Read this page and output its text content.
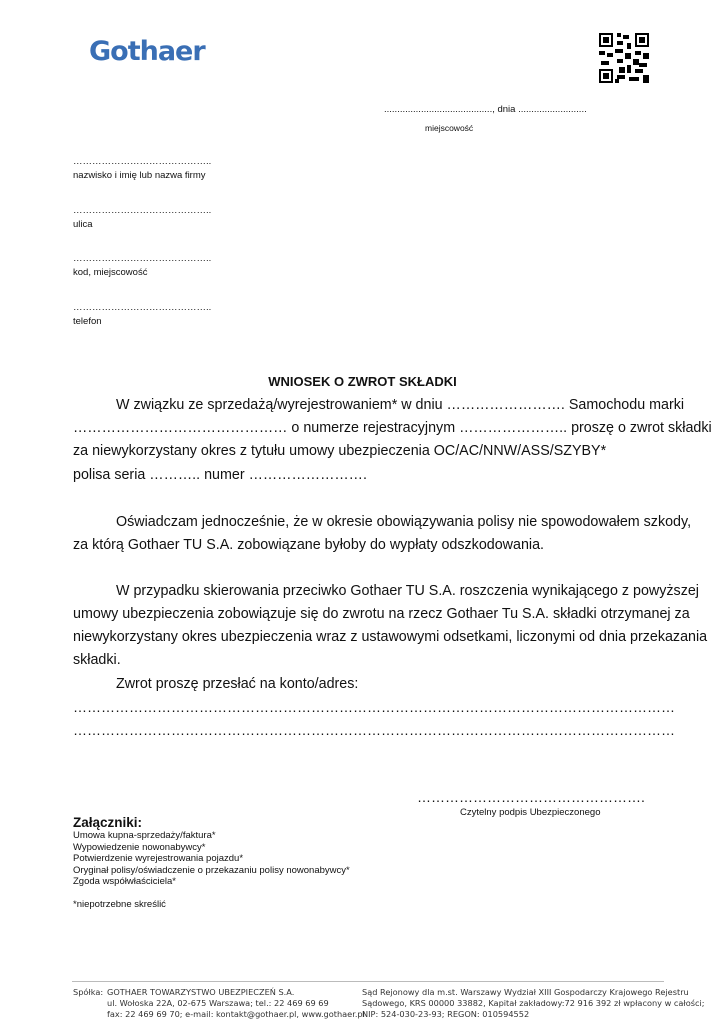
Gothaer
........................................., dnia ..........................
miejscowość
……………………………………..
nazwisko i imię lub nazwa firmy
……………………………………..
ulica
……………………………………..
kod, miejscowość
……………………………………..
telefon
WNIOSEK O ZWROT SKŁADKI
W związku ze sprzedażą/wyrejestrowaniem* w dniu ……………………. Samochodu marki
……………………………………… o numerze rejestracyjnym ………………….. proszę o zwrot składki
za niewykorzystany okres z tytułu umowy ubezpieczenia OC/AC/NNW/ASS/SZYBY*
polisa seria ……….. numer …………………….
Oświadczam jednocześnie, że w okresie obowiązywania polisy nie spowodowałem szkody,
za którą Gothaer TU S.A. zobowiązane byłoby do wypłaty odszkodowania.
W przypadku skierowania przeciwko Gothaer TU S.A. roszczenia wynikającego z powyższej
umowy ubezpieczenia zobowiązuje się do zwrotu na rzecz Gothaer Tu S.A. składki otrzymanej za
niewykorzystany okres ubezpieczenia wraz z ustawowymi odsetkami, liczonymi od dnia przekazania
składki.
Zwrot proszę przesłać na konto/adres:
…………………………………………………………………………………………………………………
…………………………………………………………………………………………………………………
………………………………………….
Czytelny podpis Ubezpieczonego
Załączniki:
Umowa kupna-sprzedaży/faktura*
Wypowiedzenie nowonabywcy*
Potwierdzenie wyrejestrowania pojazdu*
Oryginał polisy/oświadczenie o przekazaniu polisy nowonabywcy*
Zgoda współwłaściciela*
*niepotrzebne skreślić
Spółka: GOTHAER TOWARZYSTWO UBEZPIECZEŃ S.A.
ul. Wołoska 22A, 02-675 Warszawa; tel.: 22 469 69 69
fax: 22 469 69 70; e-mail: kontakt@gothaer.pl, www.gothaer.pl
Sąd Rejonowy dla m.st. Warszawy Wydział XIII Gospodarczy Krajowego Rejestru
Sądowego, KRS 00000 33882, Kapitał zakładowy:72 916 392 zł wpłacony w całości;
NIP: 524-030-23-93; REGON: 010594552
